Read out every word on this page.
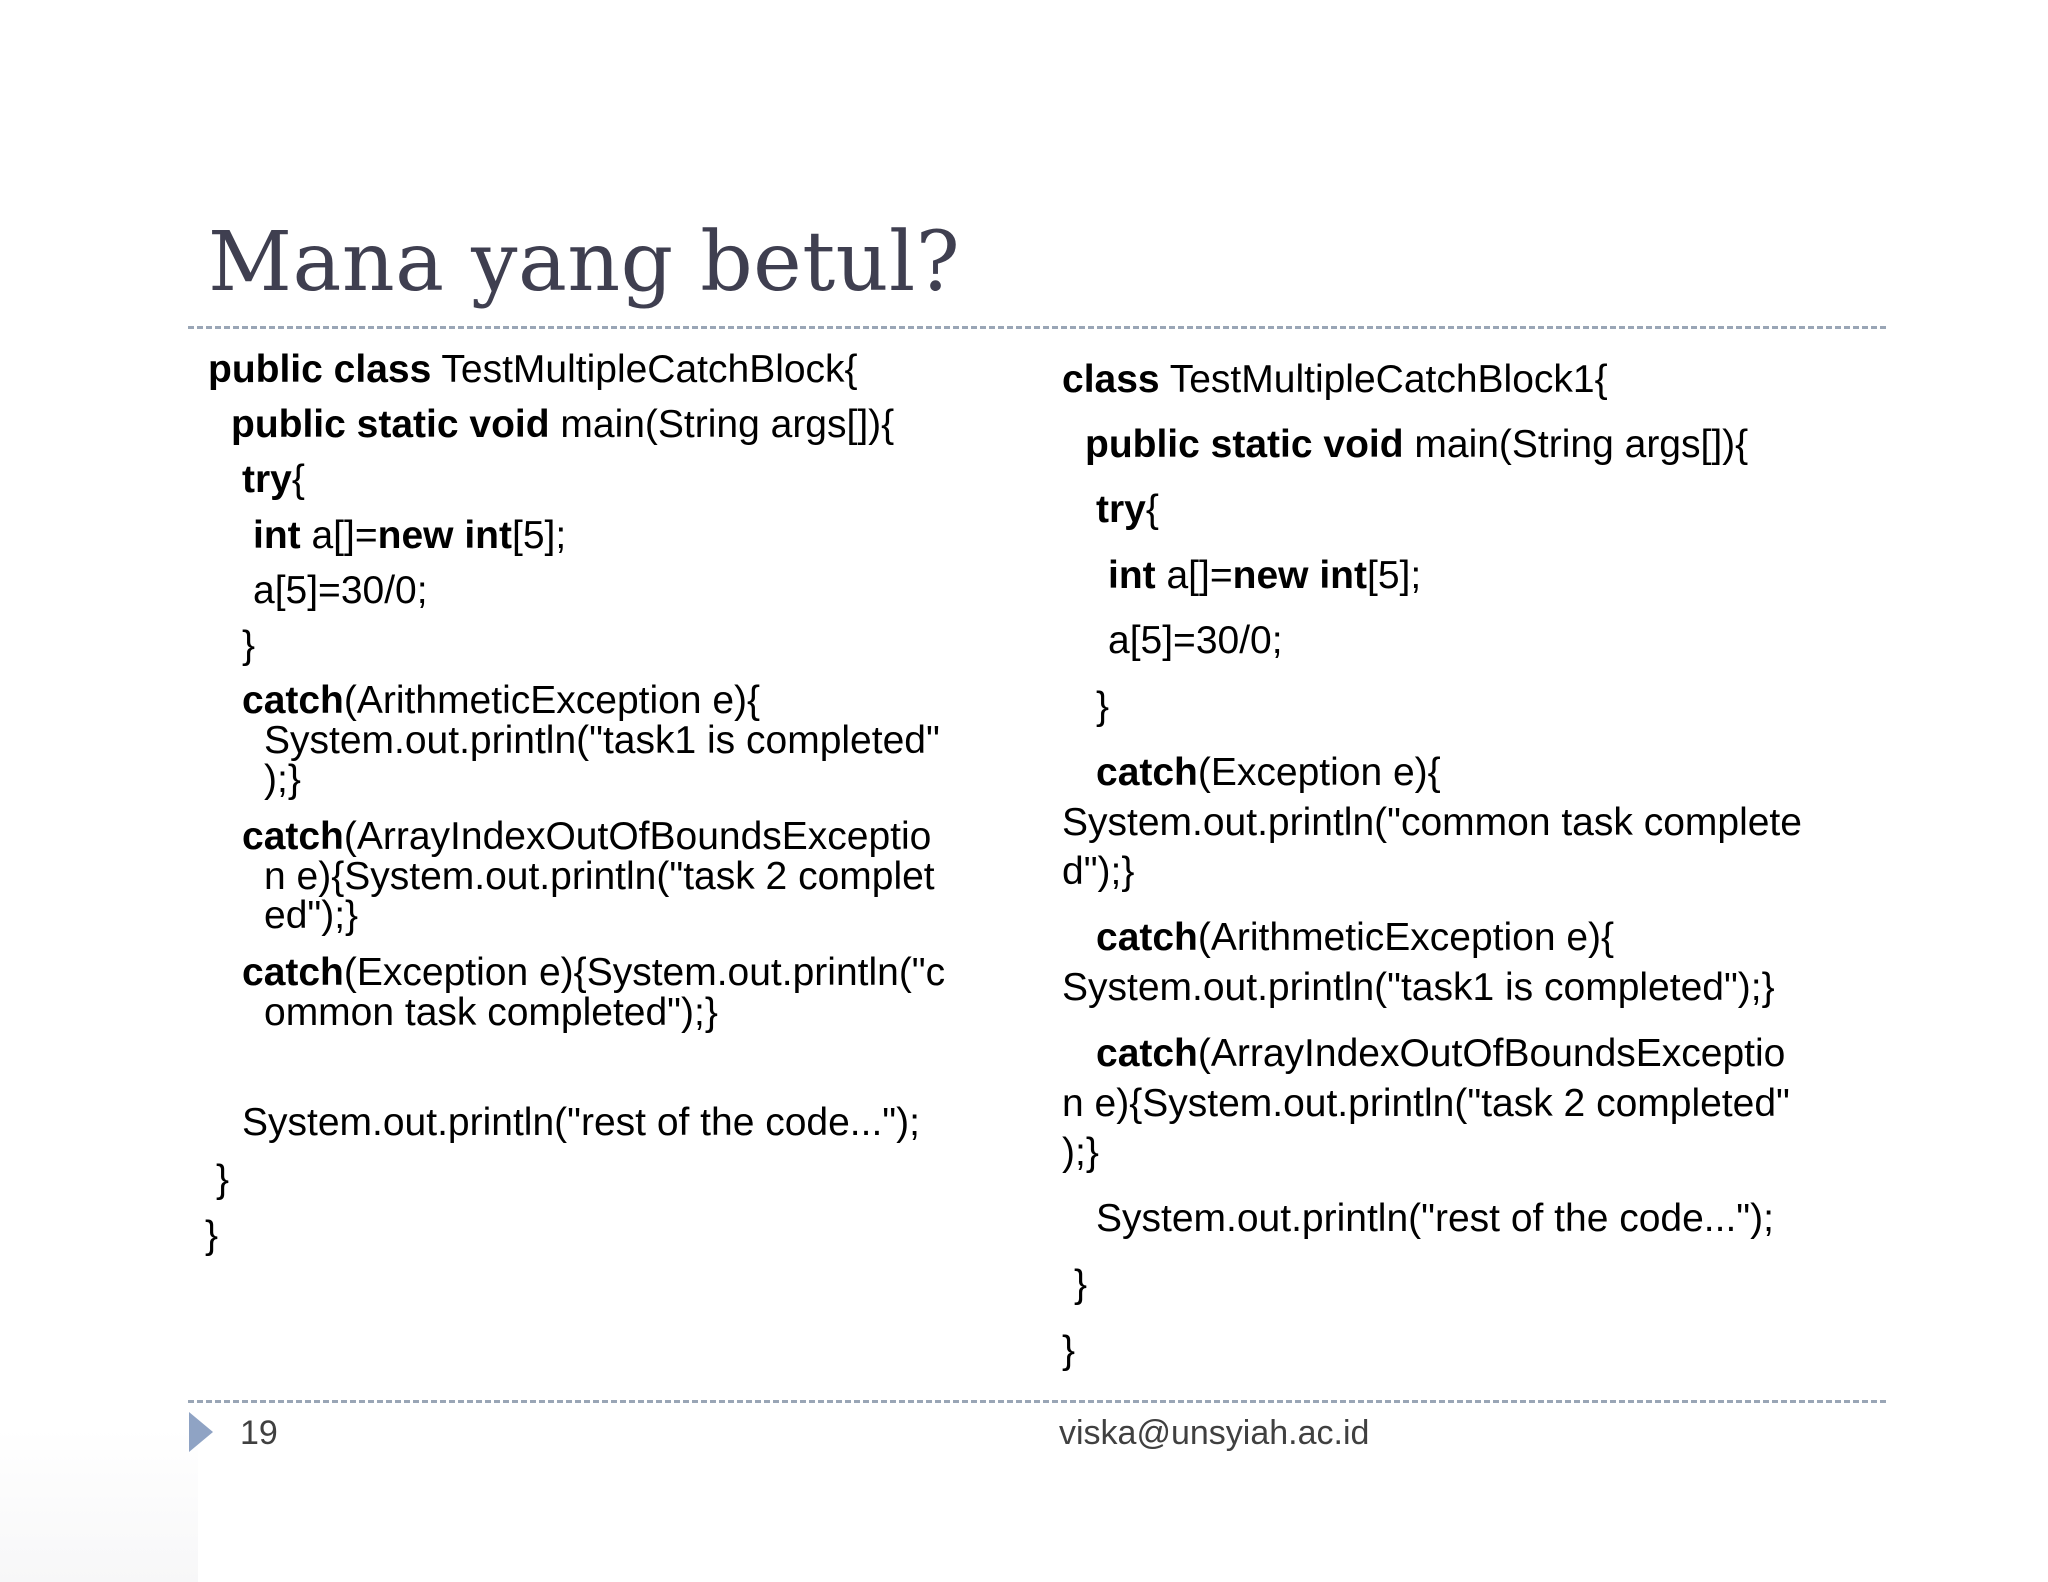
Mana yang betul?
public class TestMultipleCatchBlock{
public static void main(String args[]){
try{
int a[]=new int[5];
a[5]=30/0;
}
catch(ArithmeticException e){
System.out.println("task1 is completed"
);}
catch(ArrayIndexOutOfBoundsExceptio
n e){System.out.println("task 2 complet
ed");}
catch(Exception e){System.out.println("c
ommon task completed");}
System.out.println("rest of the code...");
}
}
class TestMultipleCatchBlock1{
public static void main(String args[]){
try{
int a[]=new int[5];
a[5]=30/0;
}
catch(Exception e){
System.out.println("common task complete
d");}
catch(ArithmeticException e){
System.out.println("task1 is completed");}
catch(ArrayIndexOutOfBoundsExceptio
n e){System.out.println("task 2 completed"
);}
System.out.println("rest of the code...");
}
}
19	viska@unsyiah.ac.id
